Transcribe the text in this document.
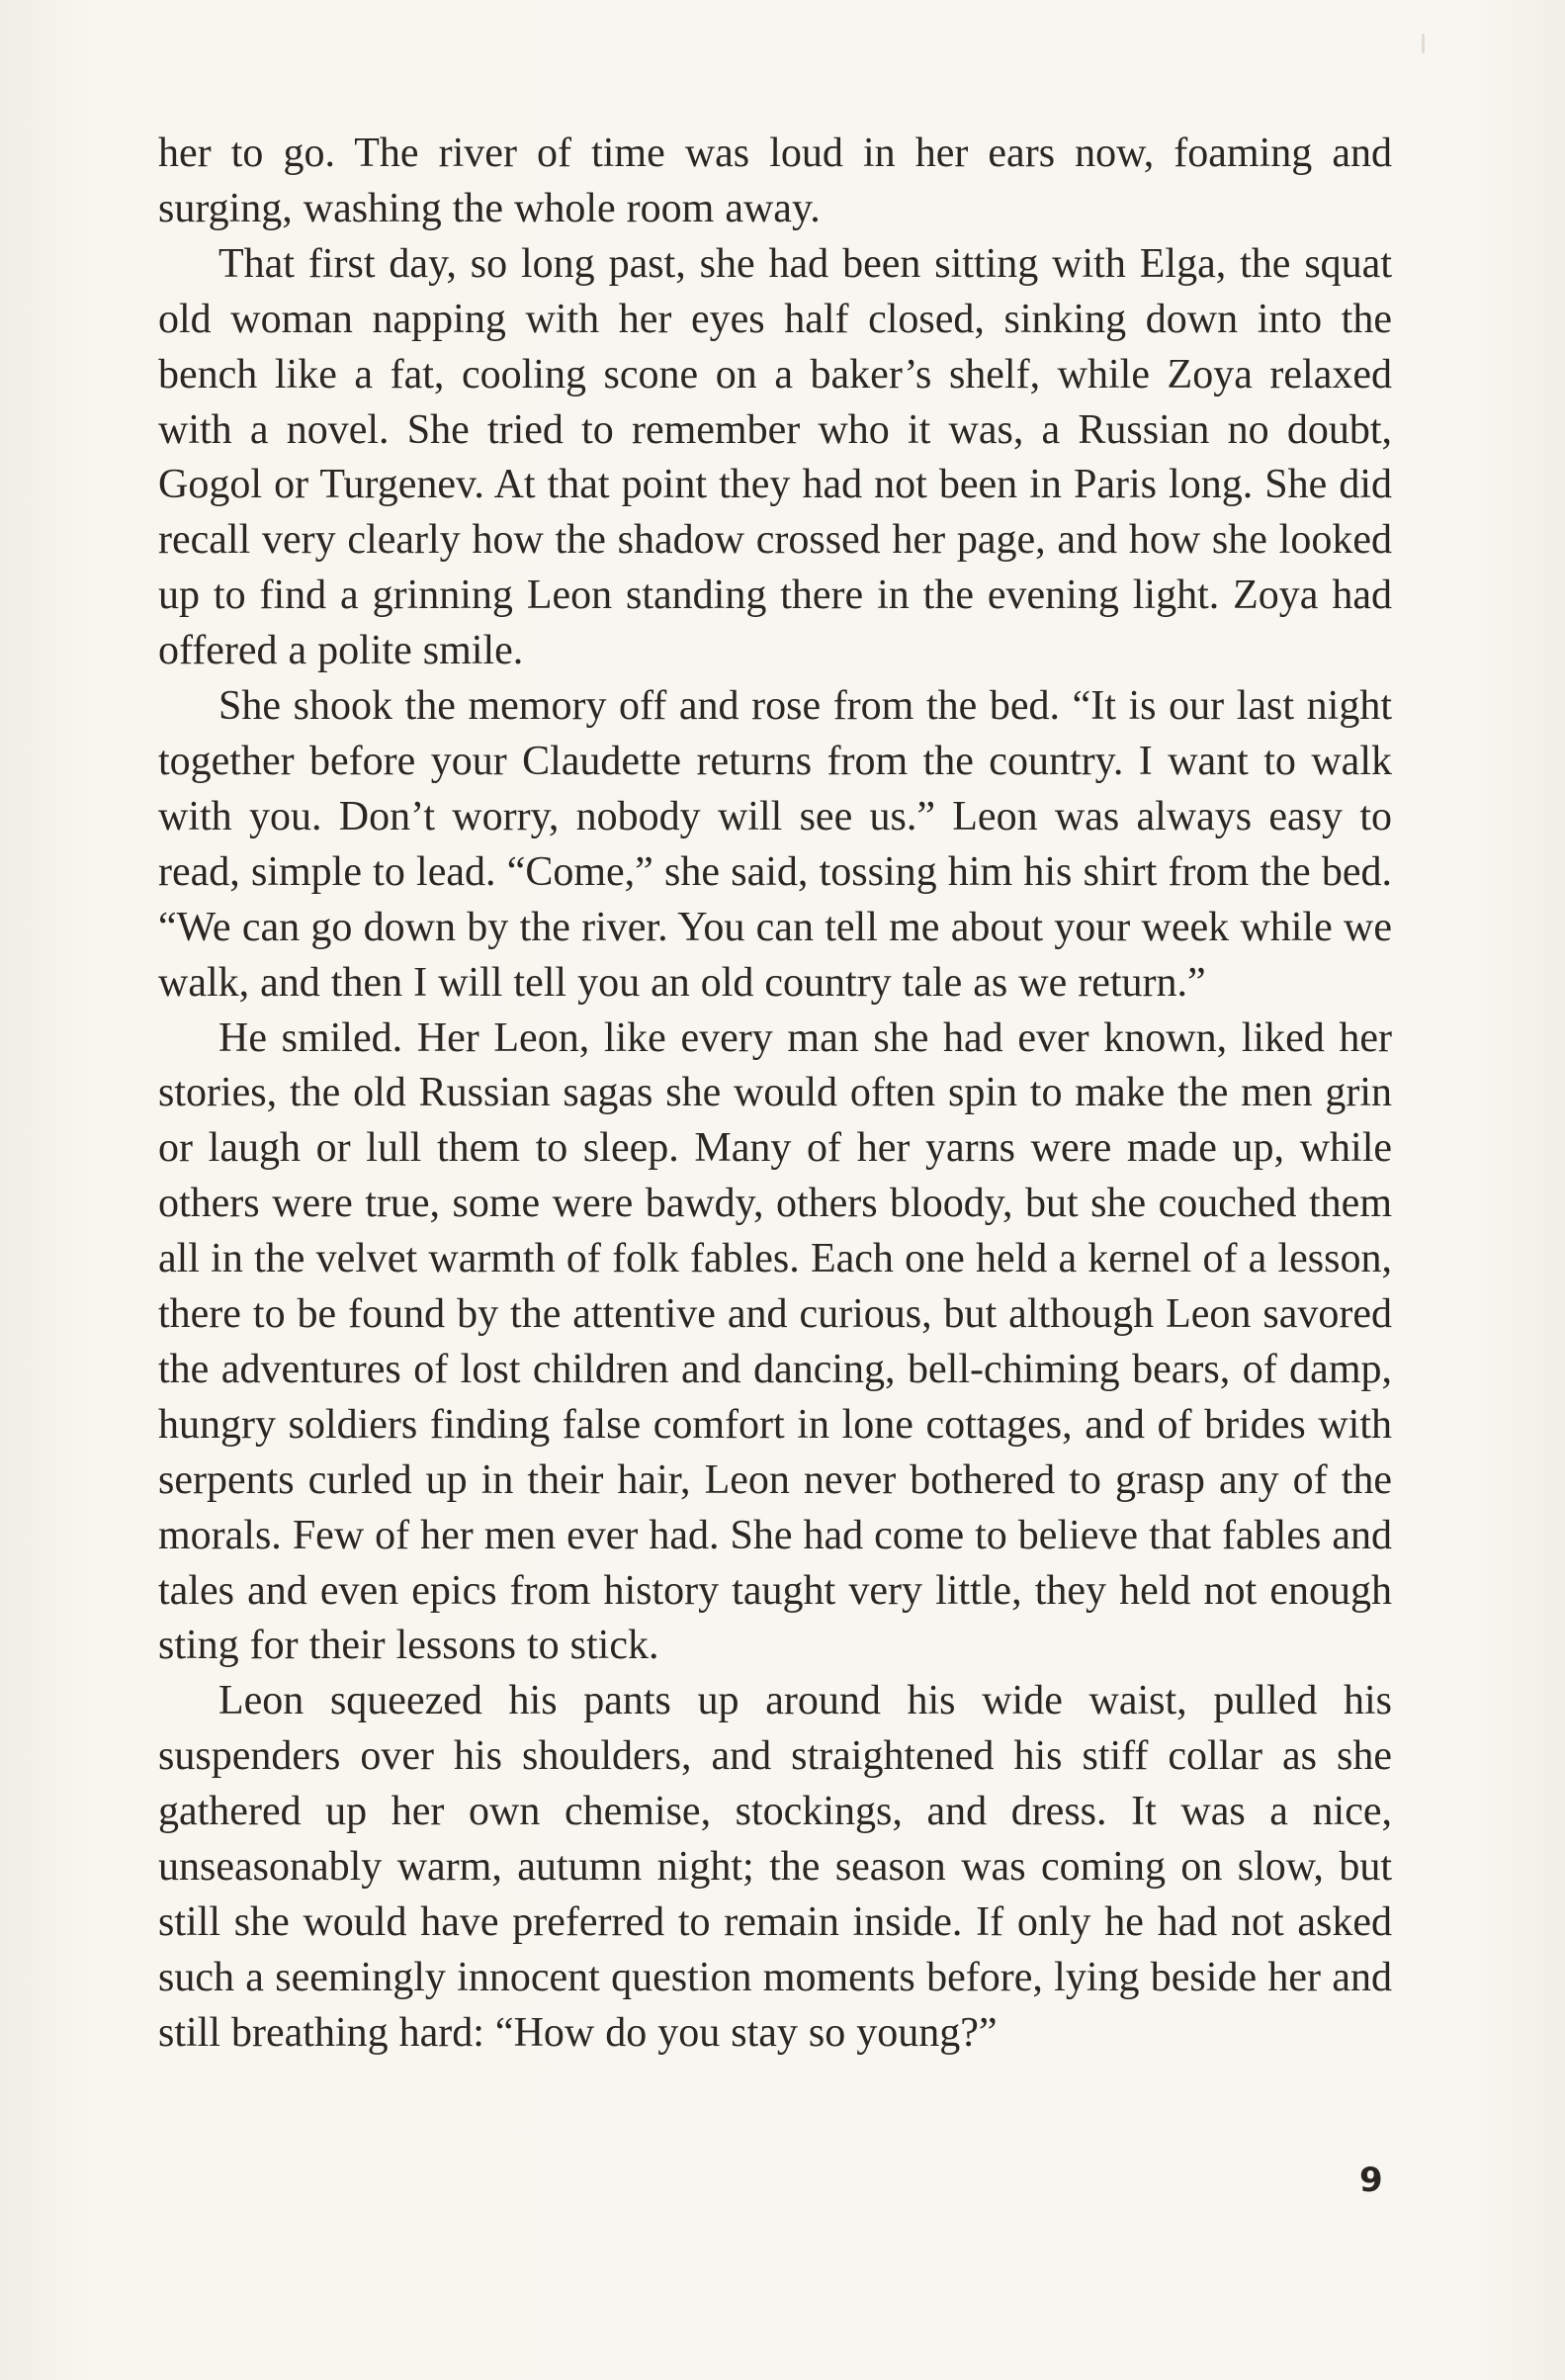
her to go. The river of time was loud in her ears now, foaming and surging, washing the whole room away.

That first day, so long past, she had been sitting with Elga, the squat old woman napping with her eyes half closed, sinking down into the bench like a fat, cooling scone on a baker’s shelf, while Zoya relaxed with a novel. She tried to remember who it was, a Russian no doubt, Gogol or Turgenev. At that point they had not been in Paris long. She did recall very clearly how the shadow crossed her page, and how she looked up to find a grinning Leon standing there in the evening light. Zoya had offered a polite smile.

She shook the memory off and rose from the bed. “It is our last night together before your Claudette returns from the country. I want to walk with you. Don’t worry, nobody will see us.” Leon was always easy to read, simple to lead. “Come,” she said, tossing him his shirt from the bed. “We can go down by the river. You can tell me about your week while we walk, and then I will tell you an old country tale as we return.”

He smiled. Her Leon, like every man she had ever known, liked her stories, the old Russian sagas she would often spin to make the men grin or laugh or lull them to sleep. Many of her yarns were made up, while others were true, some were bawdy, others bloody, but she couched them all in the velvet warmth of folk fables. Each one held a kernel of a lesson, there to be found by the attentive and curious, but although Leon savored the adventures of lost children and dancing, bell-chiming bears, of damp, hungry soldiers finding false comfort in lone cottages, and of brides with serpents curled up in their hair, Leon never bothered to grasp any of the morals. Few of her men ever had. She had come to believe that fables and tales and even epics from history taught very little, they held not enough sting for their lessons to stick.

Leon squeezed his pants up around his wide waist, pulled his suspenders over his shoulders, and straightened his stiff collar as she gathered up her own chemise, stockings, and dress. It was a nice, unseasonably warm, autumn night; the season was coming on slow, but still she would have preferred to remain inside. If only he had not asked such a seemingly innocent question moments before, lying beside her and still breathing hard: “How do you stay so young?”

9
